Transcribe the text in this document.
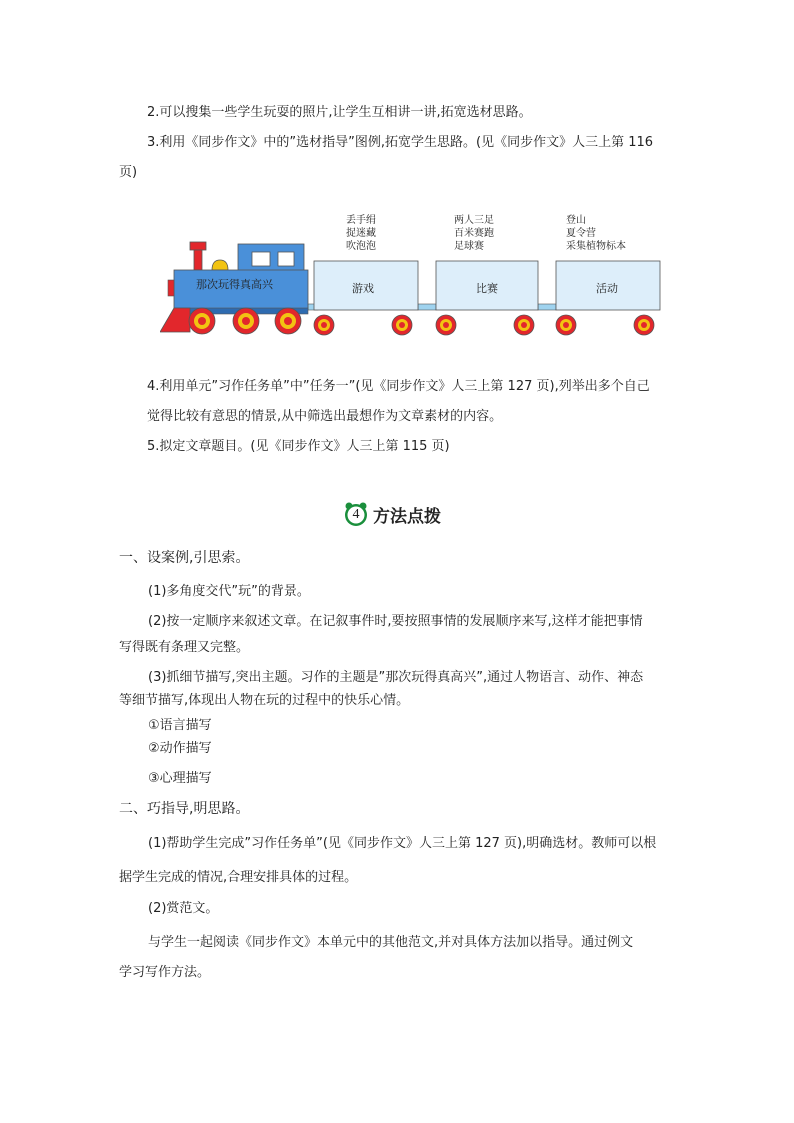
2.可以搜集一些学生玩耍的照片,让学生互相讲一讲,拓宽选材思路。
3.利用《同步作文》中的”选材指导”图例,拓宽学生思路。(见《同步作文》人三上第 116
页)
那次玩得真高兴	游戏	比赛	活动
丢手绢
捉迷藏
吹泡泡
两人三足
百米赛跑
足球赛
登山
夏令营
采集植物标本
4.利用单元”习作任务单”中”任务一”(见《同步作文》人三上第 127 页),列举出多个自己
觉得比较有意思的情景,从中筛选出最想作为文章素材的内容。
5.拟定文章题目。(见《同步作文》人三上第 115 页)
4 方法点拨
一、设案例,引思索。
(1)多角度交代”玩”的背景。
(2)按一定顺序来叙述文章。在记叙事件时,要按照事情的发展顺序来写,这样才能把事情
写得既有条理又完整。
(3)抓细节描写,突出主题。习作的主题是”那次玩得真高兴”,通过人物语言、动作、神态
等细节描写,体现出人物在玩的过程中的快乐心情。
①语言描写
②动作描写
③心理描写
二、巧指导,明思路。
(1)帮助学生完成”习作任务单”(见《同步作文》人三上第 127 页),明确选材。教师可以根
据学生完成的情况,合理安排具体的过程。
(2)赏范文。
与学生一起阅读《同步作文》本单元中的其他范文,并对具体方法加以指导。通过例文
学习写作方法。
